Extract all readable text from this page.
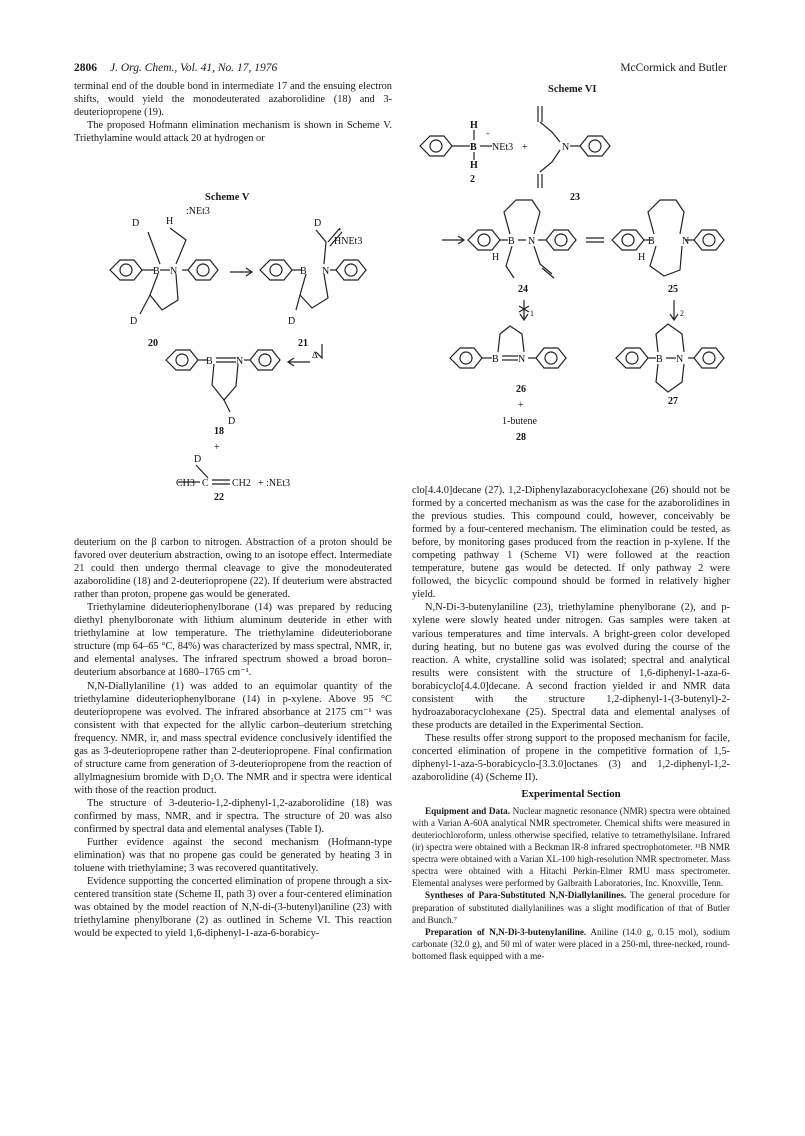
2806 J. Org. Chem., Vol. 41, No. 17, 1976	McCormick and Butler

terminal end of the double bond in intermediate 17 and the ensuing electron shifts, would yield the monodeuterated azaborolidine (18) and 3-deuteriopropene (19).

The proposed Hofmann elimination mechanism is shown in Scheme V. Triethylamine would attack 20 at hydrogen or

Scheme V
D	H
:NEt3
B N
D
20
D
+
HNEt3
B N
D
21
B N
Δ
D
18
+
D
CH3 C CH2 + :NEt3
22

deuterium on the β carbon to nitrogen. Abstraction of a proton should be favored over deuterium abstraction, owing to an isotope effect. Intermediate 21 could then undergo thermal cleavage to give the monodeuterated azaborolidine (18) and 2-deuteriopropene (22). If deuterium were abstracted rather than proton, propene gas would be generated.

Triethylamine dideuteriophenylborane (14) was prepared by reducing diethyl phenylboronate with lithium aluminum deuteride in ether with triethylamine at low temperature. The triethylamine dideuterioborane structure (mp 64–65 °C, 84%) was characterized by mass spectral, NMR, ir, and elemental analyses. The infrared spectrum showed a broad boron–deuterium absorbance at 1680–1765 cm⁻¹.

N,N-Diallylaniline (1) was added to an equimolar quantity of the triethylamine dideuteriophenylborane (14) in p-xylene. Above 95 °C deuteriopropene was evolved. The infrared absorbance at 2175 cm⁻¹ was consistent with that expected for the allylic carbon–deuterium stretching frequency. NMR, ir, and mass spectral evidence conclusively identified the gas as 3-deuteriopropene rather than 2-deuteriopropene. Final confirmation of structure came from generation of 3-deuteriopropene from the reaction of allylmagnesium bromide with D₂O. The NMR and ir spectra were identical with those of the reaction product.

The structure of 3-deuterio-1,2-diphenyl-1,2-azaborolidine (18) was confirmed by mass, NMR, and ir spectra. The structure of 20 was also confirmed by spectral data and elemental analyses (Table I).

Further evidence against the second mechanism (Hofmann-type elimination) was that no propene gas could be generated by heating 3 in toluene with triethylamine; 3 was recovered quantitatively.

Evidence supporting the concerted elimination of propene through a six-centered transition state (Scheme II, path 3) over a four-centered elimination was obtained by the model reaction of N,N-di-(3-butenyl)aniline (23) with triethylamine phenylborane (2) as outlined in Scheme VI. This reaction would be expected to yield 1,6-diphenyl-1-aza-6-borabicy-

Scheme VI
H
+
B NEt3
H
2
+	N
23
B N
H
24
1
B	N
H
25
2
B N
26
+
1-butene
28
B N
27

clo[4.4.0]decane (27). 1,2-Diphenylazaboracyclohexane (26) should not be formed by a concerted mechanism as was the case for the azaborolidines in the previous studies. This compound could, however, conceivably be formed by a four-centered mechanism. The elimination could be tested, as before, by monitoring gases produced from the reaction in p-xylene. If the competing pathway 1 (Scheme VI) were followed at the reaction temperature, butene gas would be detected. If only pathway 2 were followed, the bicyclic compound should be formed in relatively higher yield.

N,N-Di-3-butenylaniline (23), triethylamine phenylborane (2), and p-xylene were slowly heated under nitrogen. Gas samples were taken at various temperatures and time intervals. A bright-green color developed during heating, but no butene gas was evolved during the course of the reaction. A white, crystalline solid was isolated; spectral and analytical results were consistent with the structure of 1,6-diphenyl-1-aza-6-borabicyclo[4.4.0]decane. A second fraction yielded ir and NMR data consistent with the structure 1,2-diphenyl-1-(3-butenyl)-2-hydroazaboracyclohexane (25). Spectral data and elemental analyses of these products are detailed in the Experimental Section.

These results offer strong support to the proposed mechanism for facile, concerted elimination of propene in the competitive formation of 1,5-diphenyl-1-aza-5-borabicyclo-[3.3.0]octanes (3) and 1,2-diphenyl-1,2-azaborolidine (4) (Scheme II).

Experimental Section

Equipment and Data. Nuclear magnetic resonance (NMR) spectra were obtained with a Varian A-60A analytical NMR spectrometer. Chemical shifts were measured in deuteriochloroform, unless otherwise specified, relative to tetramethylsilane. Infrared (ir) spectra were obtained with a Beckman IR-8 infrared spectrophotometer. ¹¹B NMR spectra were obtained with a Varian XL-100 high-resolution NMR spectrometer. Mass spectra were obtained with a Hitachi Perkin-Elmer RMU mass spectrometer. Elemental analyses were performed by Galbraith Laboratories, Inc. Knoxville, Tenn.

Syntheses of Para-Substituted N,N-Diallylanilines. The general procedure for preparation of substituted diallylanilines was a slight modification of that of Butler and Bunch.⁷

Preparation of N,N-Di-3-butenylaniline. Aniline (14.0 g, 0.15 mol), sodium carbonate (32.0 g), and 50 ml of water were placed in a 250-ml, three-necked, round-bottomed flask equipped with a me-
